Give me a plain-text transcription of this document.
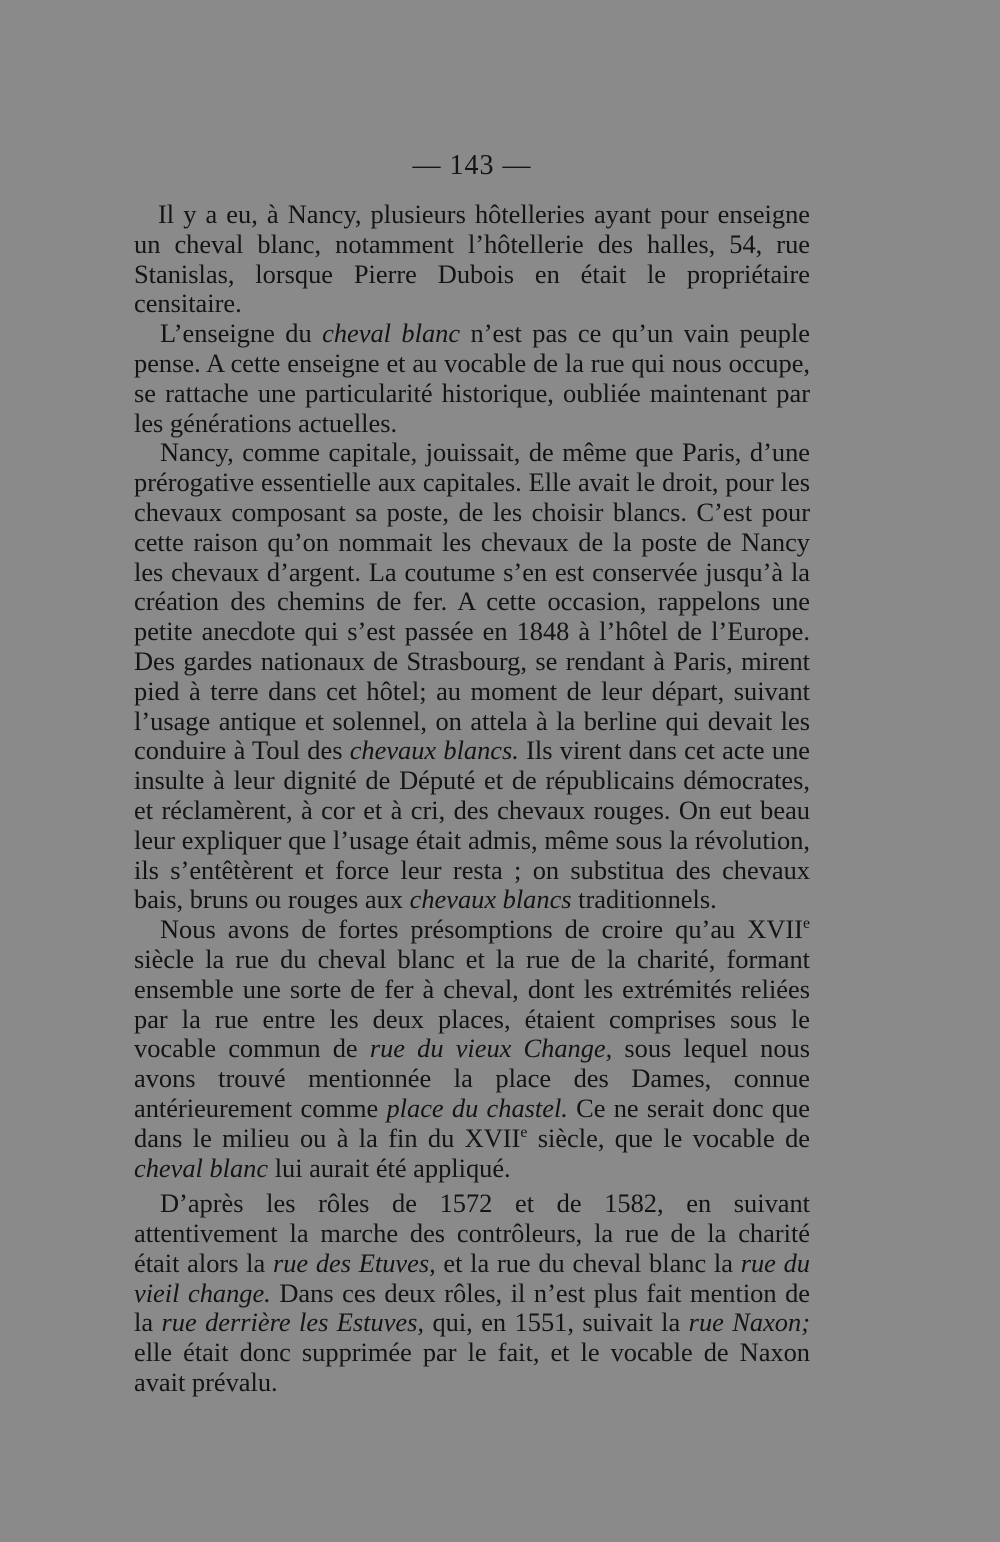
— 143 —

Il y a eu, à Nancy, plusieurs hôtelleries ayant pour enseigne un cheval blanc, notamment l’hôtellerie des halles, 54, rue Stanislas, lorsque Pierre Dubois en était le propriétaire censitaire.

L’enseigne du cheval blanc n’est pas ce qu’un vain peuple pense. A cette enseigne et au vocable de la rue qui nous occupe, se rattache une particularité historique, oubliée maintenant par les générations actuelles.

Nancy, comme capitale, jouissait, de même que Paris, d’une prérogative essentielle aux capitales. Elle avait le droit, pour les chevaux composant sa poste, de les choisir blancs. C’est pour cette raison qu’on nommait les chevaux de la poste de Nancy les chevaux d’argent. La coutume s’en est conservée jusqu’à la création des chemins de fer. A cette occasion, rappelons une petite anecdote qui s’est passée en 1848 à l’hôtel de l’Europe. Des gardes nationaux de Strasbourg, se rendant à Paris, mirent pied à terre dans cet hôtel; au moment de leur départ, suivant l’usage antique et solennel, on attela à la berline qui devait les conduire à Toul des chevaux blancs. Ils virent dans cet acte une insulte à leur dignité de Député et de républicains démocrates, et réclamèrent, à cor et à cri, des chevaux rouges. On eut beau leur expliquer que l’usage était admis, même sous la révolution, ils s’entêtèrent et force leur resta ; on substitua des chevaux bais, bruns ou rouges aux chevaux blancs traditionnels.

Nous avons de fortes présomptions de croire qu’au XVIIe siècle la rue du cheval blanc et la rue de la charité, formant ensemble une sorte de fer à cheval, dont les extrémités reliées par la rue entre les deux places, étaient comprises sous le vocable commun de rue du vieux Change, sous lequel nous avons trouvé mentionnée la place des Dames, connue antérieurement comme place du chastel. Ce ne serait donc que dans le milieu ou à la fin du XVIIe siècle, que le vocable de cheval blanc lui aurait été appliqué.

D’après les rôles de 1572 et de 1582, en suivant attentivement la marche des contrôleurs, la rue de la charité était alors la rue des Etuves, et la rue du cheval blanc la rue du vieil change. Dans ces deux rôles, il n’est plus fait mention de la rue derrière les Estuves, qui, en 1551, suivait la rue Naxon; elle était donc supprimée par le fait, et le vocable de Naxon avait prévalu.
